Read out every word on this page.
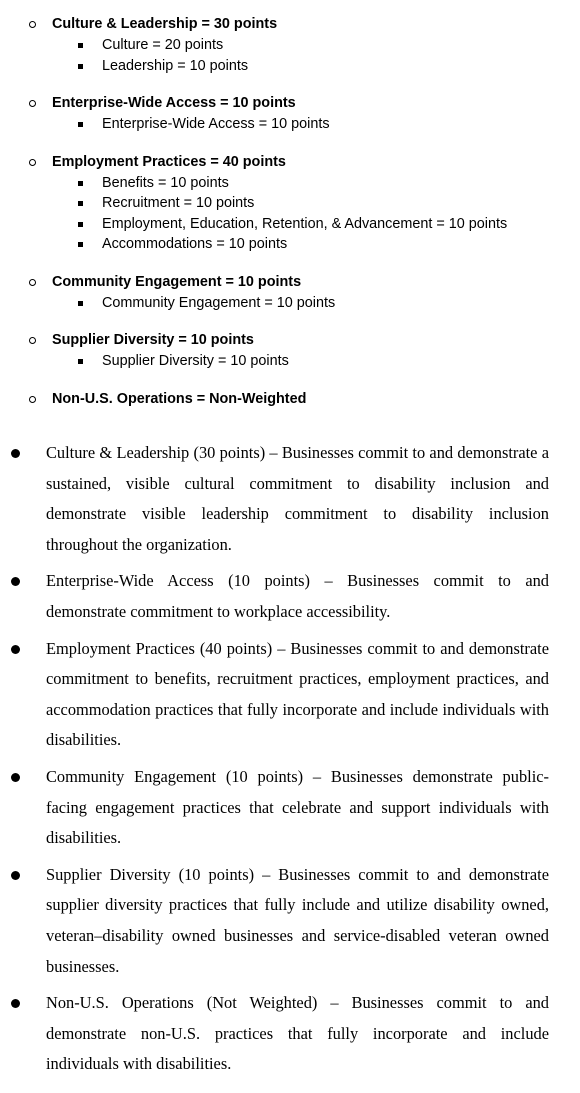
Culture & Leadership = 30 points
Culture = 20 points
Leadership = 10 points
Enterprise-Wide Access = 10 points
Enterprise-Wide Access = 10 points
Employment Practices = 40 points
Benefits = 10 points
Recruitment = 10 points
Employment, Education, Retention, & Advancement = 10 points
Accommodations = 10 points
Community Engagement = 10 points
Community Engagement = 10 points
Supplier Diversity = 10 points
Supplier Diversity = 10 points
Non-U.S. Operations = Non-Weighted
Culture & Leadership (30 points) – Businesses commit to and demonstrate a sustained, visible cultural commitment to disability inclusion and demonstrate visible leadership commitment to disability inclusion throughout the organization.
Enterprise-Wide Access (10 points) – Businesses commit to and demonstrate commitment to workplace accessibility.
Employment Practices (40 points) – Businesses commit to and demonstrate commitment to benefits, recruitment practices, employment practices, and accommodation practices that fully incorporate and include individuals with disabilities.
Community Engagement (10 points) – Businesses demonstrate public-facing engagement practices that celebrate and support individuals with disabilities.
Supplier Diversity (10 points) – Businesses commit to and demonstrate supplier diversity practices that fully include and utilize disability owned, veteran–disability owned businesses and service-disabled veteran owned businesses.
Non-U.S. Operations (Not Weighted) – Businesses commit to and demonstrate non-U.S. practices that fully incorporate and include individuals with disabilities.
